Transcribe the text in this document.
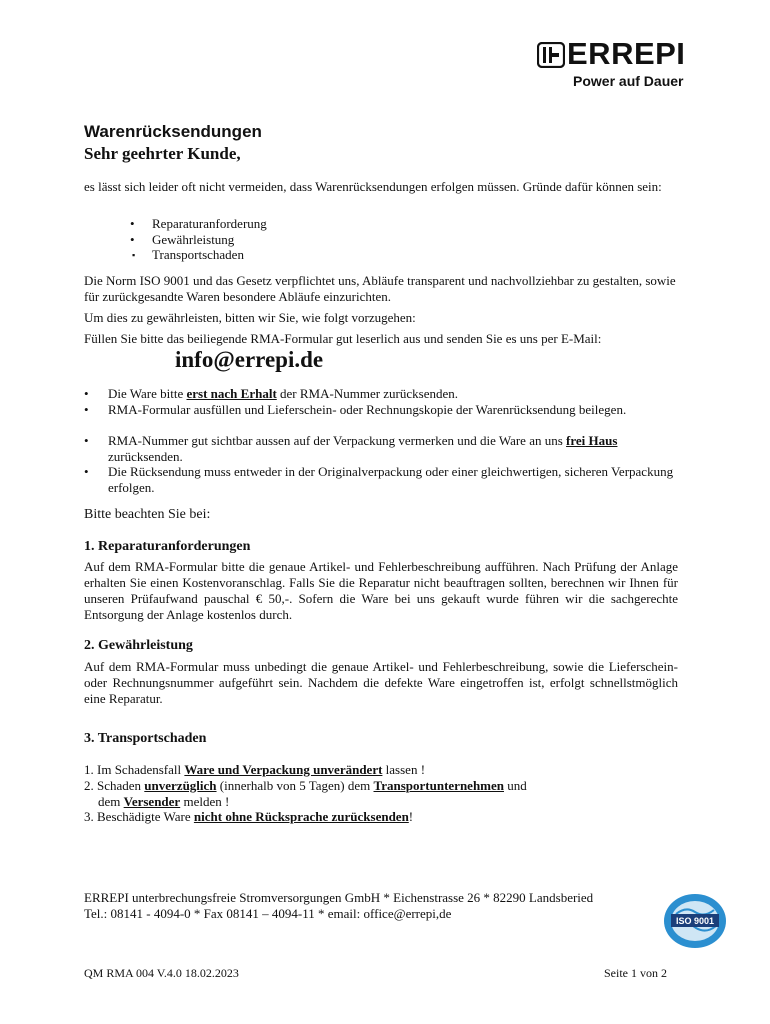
ERREPI
Power auf Dauer
Warenrücksendungen
Sehr geehrter Kunde,
es lässt sich leider oft nicht vermeiden, dass Warenrücksendungen erfolgen müssen. Gründe dafür können sein:
• Reparaturanforderung
• Gewährleistung
▪ Transportschaden
Die Norm ISO 9001 und das Gesetz verpflichtet uns, Abläufe transparent und nachvollziehbar zu gestalten, sowie für zurückgesandte Waren besondere Abläufe einzurichten.
Um dies zu gewährleisten, bitten wir Sie, wie folgt vorzugehen:
Füllen Sie bitte das beiliegende RMA-Formular gut leserlich aus und senden Sie es uns per E-Mail:
info@errepi.de
• Die Ware bitte erst nach Erhalt der RMA-Nummer zurücksenden.
• RMA-Formular ausfüllen und Lieferschein- oder Rechnungskopie der Warenrücksendung beilegen.
• RMA-Nummer gut sichtbar aussen auf der Verpackung vermerken und die Ware an uns frei Haus zurücksenden.
• Die Rücksendung muss entweder in der Originalverpackung oder einer gleichwertigen, sicheren Verpackung erfolgen.
Bitte beachten Sie bei:
1. Reparaturanforderungen
Auf dem RMA-Formular bitte die genaue Artikel- und Fehlerbeschreibung aufführen. Nach Prüfung der Anlage erhalten Sie einen Kostenvoranschlag. Falls Sie die Reparatur nicht beauftragen sollten, berechnen wir Ihnen für unseren Prüfaufwand pauschal € 50,-. Sofern die Ware bei uns gekauft wurde führen wir die sachgerechte Entsorgung der Anlage kostenlos durch.
2. Gewährleistung
Auf dem RMA-Formular muss unbedingt die genaue Artikel- und Fehlerbeschreibung, sowie die Lieferschein- oder Rechnungsnummer aufgeführt sein. Nachdem die defekte Ware eingetroffen ist, erfolgt schnellstmöglich eine Reparatur.
3. Transportschaden
1. Im Schadensfall Ware und Verpackung unverändert lassen !
2. Schaden unverzüglich (innerhalb von 5 Tagen) dem Transportunternehmen und
dem Versender melden !
3. Beschädigte Ware nicht ohne Rücksprache zurücksenden!
ERREPI unterbrechungsfreie Stromversorgungen GmbH * Eichenstrasse 26 * 82290 Landsberied
Tel.: 08141 - 4094-0 * Fax 08141 – 4094-11 * email: office@errepi,de	ISO 9001
QM RMA 004 V.4.0 18.02.2023	Seite 1 von 2
